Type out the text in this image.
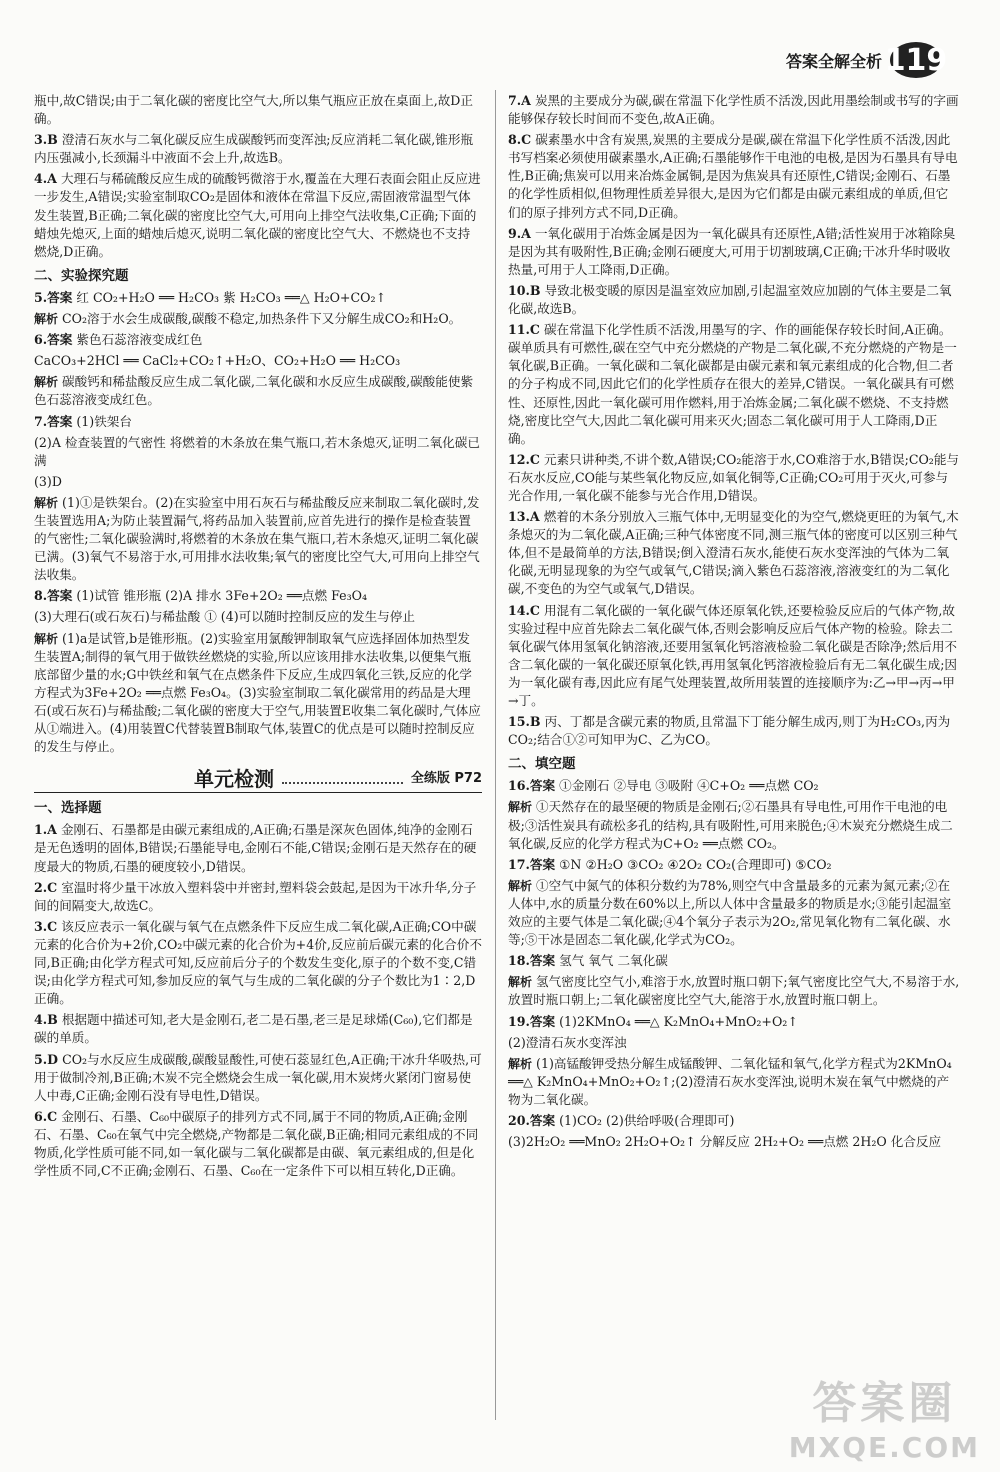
答案全解全析 119
瓶中,故C错误;由于二氧化碳的密度比空气大,所以集气瓶应正放在桌面上,故D正确。
3.B 澄清石灰水与二氧化碳反应生成碳酸钙而变浑浊;反应消耗二氧化碳,锥形瓶内压强减小,长颈漏斗中液面不会上升,故选B。
4.A 大理石与稀硫酸反应生成的硫酸钙微溶于水,覆盖在大理石表面会阻止反应进一步发生,A错误;实验室制取CO₂是固体和液体在常温下反应,需固液常温型气体发生装置,B正确;二氧化碳的密度比空气大,可用向上排空气法收集,C正确;下面的蜡烛先熄灭,上面的蜡烛后熄灭,说明二氧化碳的密度比空气大、不燃烧也不支持燃烧,D正确。
二、实验探究题
5.答案 红 CO₂+H₂O ══ H₂CO₃ 紫 H₂CO₃ ══△ H₂O+CO₂↑
解析 CO₂溶于水会生成碳酸,碳酸不稳定,加热条件下又分解生成CO₂和H₂O。
6.答案 紫色石蕊溶液变成红色
CaCO₃+2HCl ══ CaCl₂+CO₂↑+H₂O、CO₂+H₂O ══ H₂CO₃
解析 碳酸钙和稀盐酸反应生成二氧化碳,二氧化碳和水反应生成碳酸,碳酸能使紫色石蕊溶液变成红色。
7.答案 (1)铁架台
(2)A 检查装置的气密性 将燃着的木条放在集气瓶口,若木条熄灭,证明二氧化碳已满
(3)D
解析 (1)①是铁架台。(2)在实验室中用石灰石与稀盐酸反应来制取二氧化碳时,发生装置选用A;为防止装置漏气,将药品加入装置前,应首先进行的操作是检查装置的气密性;二氧化碳验满时,将燃着的木条放在集气瓶口,若木条熄灭,证明二氧化碳已满。(3)氧气不易溶于水,可用排水法收集;氧气的密度比空气大,可用向上排空气法收集。
8.答案 (1)试管 锥形瓶 (2)A 排水 3Fe+2O₂ ══点燃 Fe₃O₄
(3)大理石(或石灰石)与稀盐酸 ① (4)可以随时控制反应的发生与停止
解析 (1)a是试管,b是锥形瓶。(2)实验室用氯酸钾制取氧气应选择固体加热型发生装置A;制得的氧气用于做铁丝燃烧的实验,所以应该用排水法收集,以便集气瓶底部留少量的水;G中铁丝和氧气在点燃条件下反应,生成四氧化三铁,反应的化学方程式为3Fe+2O₂ ══点燃 Fe₃O₄。(3)实验室制取二氧化碳常用的药品是大理石(或石灰石)与稀盐酸;二氧化碳的密度大于空气,用装置E收集二氧化碳时,气体应从①端进入。(4)用装置C代替装置B制取气体,装置C的优点是可以随时控制反应的发生与停止。
单元检测	全练版 P72
一、选择题
1.A 金刚石、石墨都是由碳元素组成的,A正确;石墨是深灰色固体,纯净的金刚石是无色透明的固体,B错误;石墨能导电,金刚石不能,C错误;金刚石是天然存在的硬度最大的物质,石墨的硬度较小,D错误。
2.C 室温时将少量干冰放入塑料袋中并密封,塑料袋会鼓起,是因为干冰升华,分子间的间隔变大,故选C。
3.C 该反应表示一氧化碳与氧气在点燃条件下反应生成二氧化碳,A正确;CO中碳元素的化合价为+2价,CO₂中碳元素的化合价为+4价,反应前后碳元素的化合价不同,B正确;由化学方程式可知,反应前后分子的个数发生变化,原子的个数不变,C错误;由化学方程式可知,参加反应的氧气与生成的二氧化碳的分子个数比为1∶2,D正确。
4.B 根据题中描述可知,老大是金刚石,老二是石墨,老三是足球烯(C₆₀),它们都是碳的单质。
5.D CO₂与水反应生成碳酸,碳酸显酸性,可使石蕊显红色,A正确;干冰升华吸热,可用于做制冷剂,B正确;木炭不完全燃烧会生成一氧化碳,用木炭烤火紧闭门窗易使人中毒,C正确;金刚石没有导电性,D错误。
6.C 金刚石、石墨、C₆₀中碳原子的排列方式不同,属于不同的物质,A正确;金刚石、石墨、C₆₀在氧气中完全燃烧,产物都是二氧化碳,B正确;相同元素组成的不同物质,化学性质可能不同,如一氧化碳与二氧化碳都是由碳、氧元素组成的,但是化学性质不同,C不正确;金刚石、石墨、C₆₀在一定条件下可以相互转化,D正确。
7.A 炭黑的主要成分为碳,碳在常温下化学性质不活泼,因此用墨绘制或书写的字画能够保存较长时间而不变色,故A正确。
8.C 碳素墨水中含有炭黑,炭黑的主要成分是碳,碳在常温下化学性质不活泼,因此书写档案必须使用碳素墨水,A正确;石墨能够作干电池的电极,是因为石墨具有导电性,B正确;焦炭可以用来冶炼金属铜,是因为焦炭具有还原性,C错误;金刚石、石墨的化学性质相似,但物理性质差异很大,是因为它们都是由碳元素组成的单质,但它们的原子排列方式不同,D正确。
9.A 一氧化碳用于冶炼金属是因为一氧化碳具有还原性,A错;活性炭用于冰箱除臭是因为其有吸附性,B正确;金刚石硬度大,可用于切割玻璃,C正确;干冰升华时吸收热量,可用于人工降雨,D正确。
10.B 导致北极变暖的原因是温室效应加剧,引起温室效应加剧的气体主要是二氧化碳,故选B。
11.C 碳在常温下化学性质不活泼,用墨写的字、作的画能保存较长时间,A正确。碳单质具有可燃性,碳在空气中充分燃烧的产物是二氧化碳,不充分燃烧的产物是一氧化碳,B正确。一氧化碳和二氧化碳都是由碳元素和氧元素组成的化合物,但二者的分子构成不同,因此它们的化学性质存在很大的差异,C错误。一氧化碳具有可燃性、还原性,因此一氧化碳可用作燃料,用于冶炼金属;二氧化碳不燃烧、不支持燃烧,密度比空气大,因此二氧化碳可用来灭火;固态二氧化碳可用于人工降雨,D正确。
12.C 元素只讲种类,不讲个数,A错误;CO₂能溶于水,CO难溶于水,B错误;CO₂能与石灰水反应,CO能与某些氧化物反应,如氧化铜等,C正确;CO₂可用于灭火,可参与光合作用,一氧化碳不能参与光合作用,D错误。
13.A 燃着的木条分别放入三瓶气体中,无明显变化的为空气,燃烧更旺的为氧气,木条熄灭的为二氧化碳,A正确;三种气体密度不同,测三瓶气体的密度可以区别三种气体,但不是最简单的方法,B错误;倒入澄清石灰水,能使石灰水变浑浊的气体为二氧化碳,无明显现象的为空气或氧气,C错误;滴入紫色石蕊溶液,溶液变红的为二氧化碳,不变色的为空气或氧气,D错误。
14.C 用混有二氧化碳的一氧化碳气体还原氧化铁,还要检验反应后的气体产物,故实验过程中应首先除去二氧化碳气体,否则会影响反应后气体产物的检验。除去二氧化碳气体用氢氧化钠溶液,还要用氢氧化钙溶液检验二氧化碳是否除净;然后用不含二氧化碳的一氧化碳还原氧化铁,再用氢氧化钙溶液检验后有无二氧化碳生成;因为一氧化碳有毒,因此应有尾气处理装置,故所用装置的连接顺序为:乙→甲→丙→甲→丁。
15.B 丙、丁都是含碳元素的物质,且常温下丁能分解生成丙,则丁为H₂CO₃,丙为CO₂;结合①②可知甲为C、乙为CO。
二、填空题
16.答案 ①金刚石 ②导电 ③吸附 ④C+O₂ ══点燃 CO₂
解析 ①天然存在的最坚硬的物质是金刚石;②石墨具有导电性,可用作干电池的电极;③活性炭具有疏松多孔的结构,具有吸附性,可用来脱色;④木炭充分燃烧生成二氧化碳,反应的化学方程式为C+O₂ ══点燃 CO₂。
17.答案 ①N ②H₂O ③CO₂ ④2O₂ CO₂(合理即可) ⑤CO₂
解析 ①空气中氮气的体积分数约为78%,则空气中含量最多的元素为氮元素;②在人体中,水的质量分数在60%以上,所以人体中含量最多的物质是水;③能引起温室效应的主要气体是二氧化碳;④4个氧分子表示为2O₂,常见氧化物有二氧化碳、水等;⑤干冰是固态二氧化碳,化学式为CO₂。
18.答案 氢气 氧气 二氧化碳
解析 氢气密度比空气小,难溶于水,放置时瓶口朝下;氧气密度比空气大,不易溶于水,放置时瓶口朝上;二氧化碳密度比空气大,能溶于水,放置时瓶口朝上。
19.答案 (1)2KMnO₄ ══△ K₂MnO₄+MnO₂+O₂↑
(2)澄清石灰水变浑浊
解析 (1)高锰酸钾受热分解生成锰酸钾、二氧化锰和氧气,化学方程式为2KMnO₄ ══△ K₂MnO₄+MnO₂+O₂↑;(2)澄清石灰水变浑浊,说明木炭在氧气中燃烧的产物为二氧化碳。
20.答案 (1)CO₂ (2)供给呼吸(合理即可)
(3)2H₂O₂ ══MnO₂ 2H₂O+O₂↑ 分解反应 2H₂+O₂ ══点燃 2H₂O 化合反应
答案圈
MXQE.COM
